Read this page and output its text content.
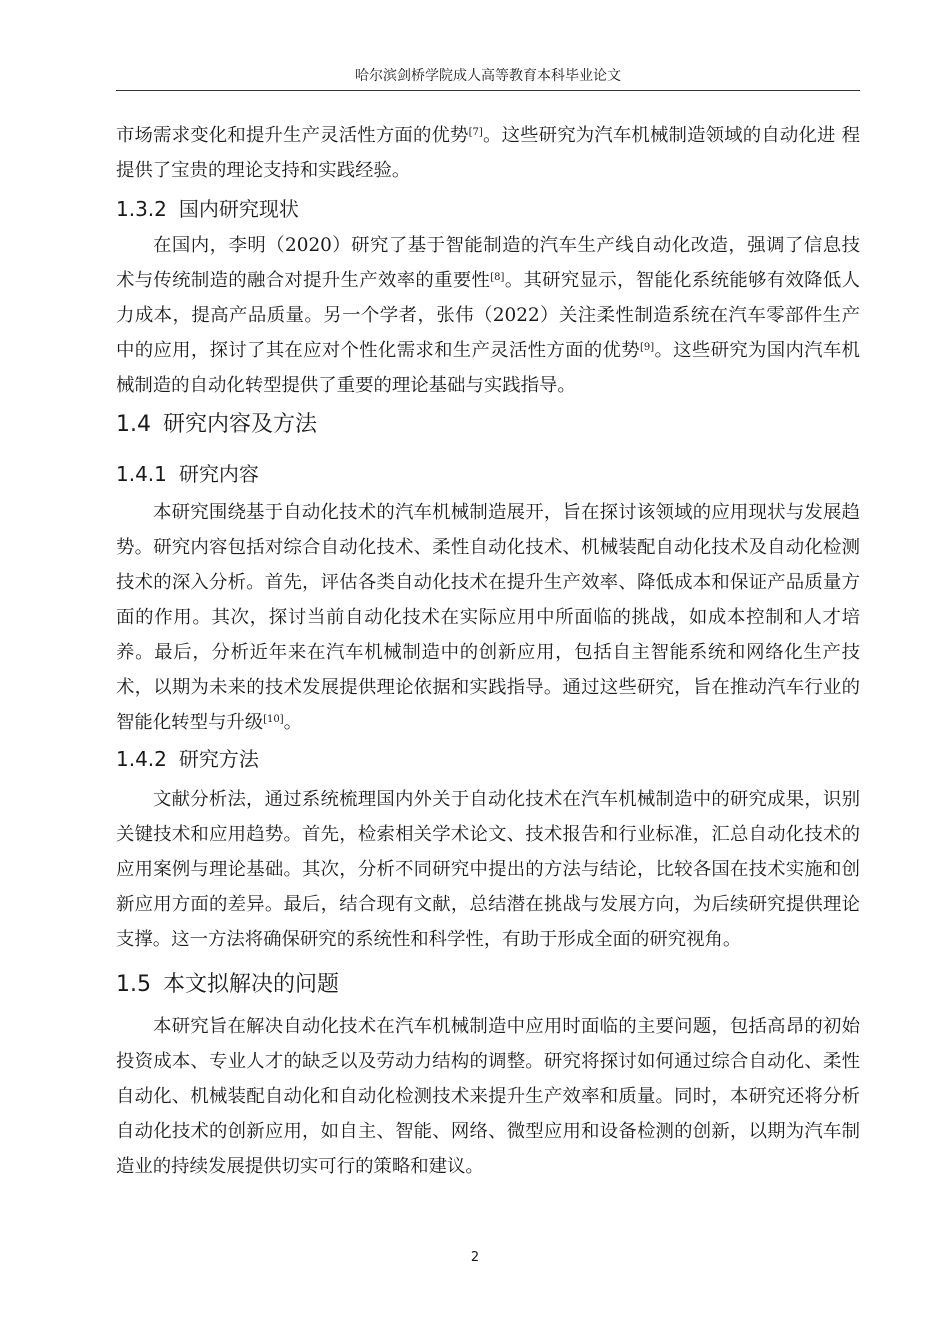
哈尔滨剑桥学院成人高等教育本科毕业论文

市场需求变化和提升生产灵活性方面的优势[7]。这些研究为汽车机械制造领域的自动化进 程提供了宝贵的理论支持和实践经验。

1.3.2 国内研究现状

在国内，李明（2020）研究了基于智能制造的汽车生产线自动化改造，强调了信息技术与传统制造的融合对提升生产效率的重要性[8]。其研究显示，智能化系统能够有效降低人力成本，提高产品质量。另一个学者，张伟（2022）关注柔性制造系统在汽车零部件生产中的应用，探讨了其在应对个性化需求和生产灵活性方面的优势[9]。这些研究为国内汽车机械制造的自动化转型提供了重要的理论基础与实践指导。

1.4 研究内容及方法
1.4.1 研究内容

本研究围绕基于自动化技术的汽车机械制造展开，旨在探讨该领域的应用现状与发展趋势。研究内容包括对综合自动化技术、柔性自动化技术、机械装配自动化技术及自动化检测技术的深入分析。首先，评估各类自动化技术在提升生产效率、降低成本和保证产品质量方面的作用。其次，探讨当前自动化技术在实际应用中所面临的挑战，如成本控制和人才培养。最后，分析近年来在汽车机械制造中的创新应用，包括自主智能系统和网络化生产技术，以期为未来的技术发展提供理论依据和实践指导。通过这些研究，旨在推动汽车行业的智能化转型与升级[10]。

1.4.2 研究方法

文献分析法，通过系统梳理国内外关于自动化技术在汽车机械制造中的研究成果，识别关键技术和应用趋势。首先，检索相关学术论文、技术报告和行业标准，汇总自动化技术的应用案例与理论基础。其次，分析不同研究中提出的方法与结论，比较各国在技术实施和创新应用方面的差异。最后，结合现有文献，总结潜在挑战与发展方向，为后续研究提供理论支撑。这一方法将确保研究的系统性和科学性，有助于形成全面的研究视角。

1.5 本文拟解决的问题

本研究旨在解决自动化技术在汽车机械制造中应用时面临的主要问题，包括高昂的初始投资成本、专业人才的缺乏以及劳动力结构的调整。研究将探讨如何通过综合自动化、柔性自动化、机械装配自动化和自动化检测技术来提升生产效率和质量。同时，本研究还将分析自动化技术的创新应用，如自主、智能、网络、微型应用和设备检测的创新，以期为汽车制造业的持续发展提供切实可行的策略和建议。

2
